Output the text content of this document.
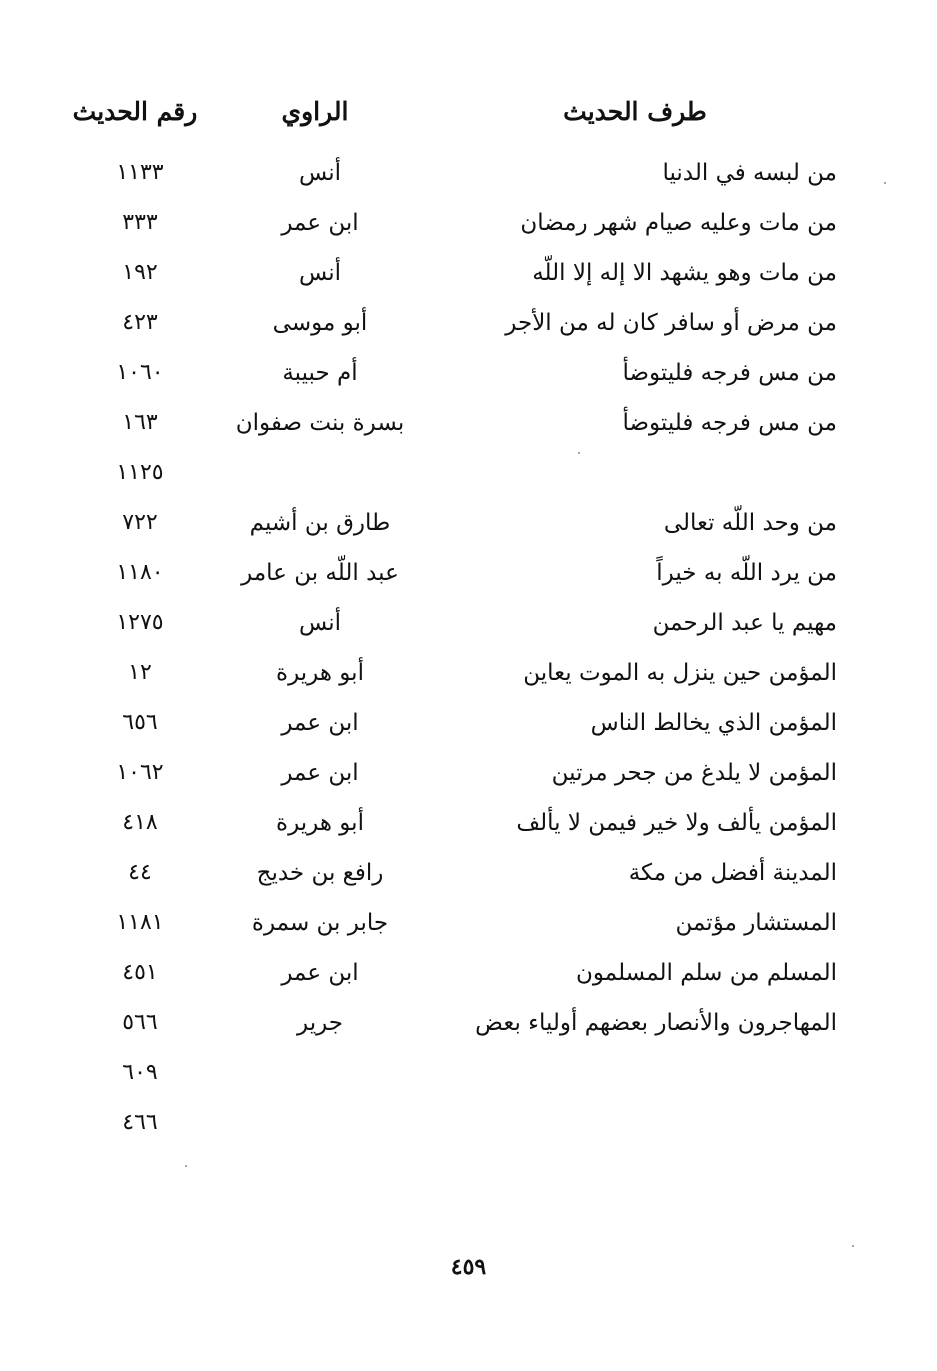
طرف الحديث
الراوي
رقم الحديث
من لبسه في الدنيا
أنس
١١٣٣
من مات وعليه صيام شهر رمضان
ابن عمر
٣٣٣
من مات وهو يشهد الا إله إلا اللّه
أنس
١٩٢
من مرض أو سافر كان له من الأجر
أبو موسى
٤٢٣
من مس فرجه فليتوضأ
أم حبيبة
١٠٦٠
من مس فرجه فليتوضأ
بسرة بنت صفوان
١٦٣
١١٢٥
من وحد اللّه تعالى
طارق بن أشيم
٧٢٢
من يرد اللّه به خيراً
عبد اللّه بن عامر
١١٨٠
مهيم يا عبد الرحمن
أنس
١٢٧٥
المؤمن حين ينزل به الموت يعاين
أبو هريرة
١٢
المؤمن الذي يخالط الناس
ابن عمر
٦٥٦
المؤمن لا يلدغ من جحر مرتين
ابن عمر
١٠٦٢
المؤمن يألف ولا خير فيمن لا يألف
أبو هريرة
٤١٨
المدينة أفضل من مكة
رافع بن خديج
٤٤
المستشار مؤتمن
جابر بن سمرة
١١٨١
المسلم من سلم المسلمون
ابن عمر
٤٥١
المهاجرون والأنصار بعضهم أولياء بعض
جرير
٥٦٦
٦٠٩
٤٦٦
٤٥٩
